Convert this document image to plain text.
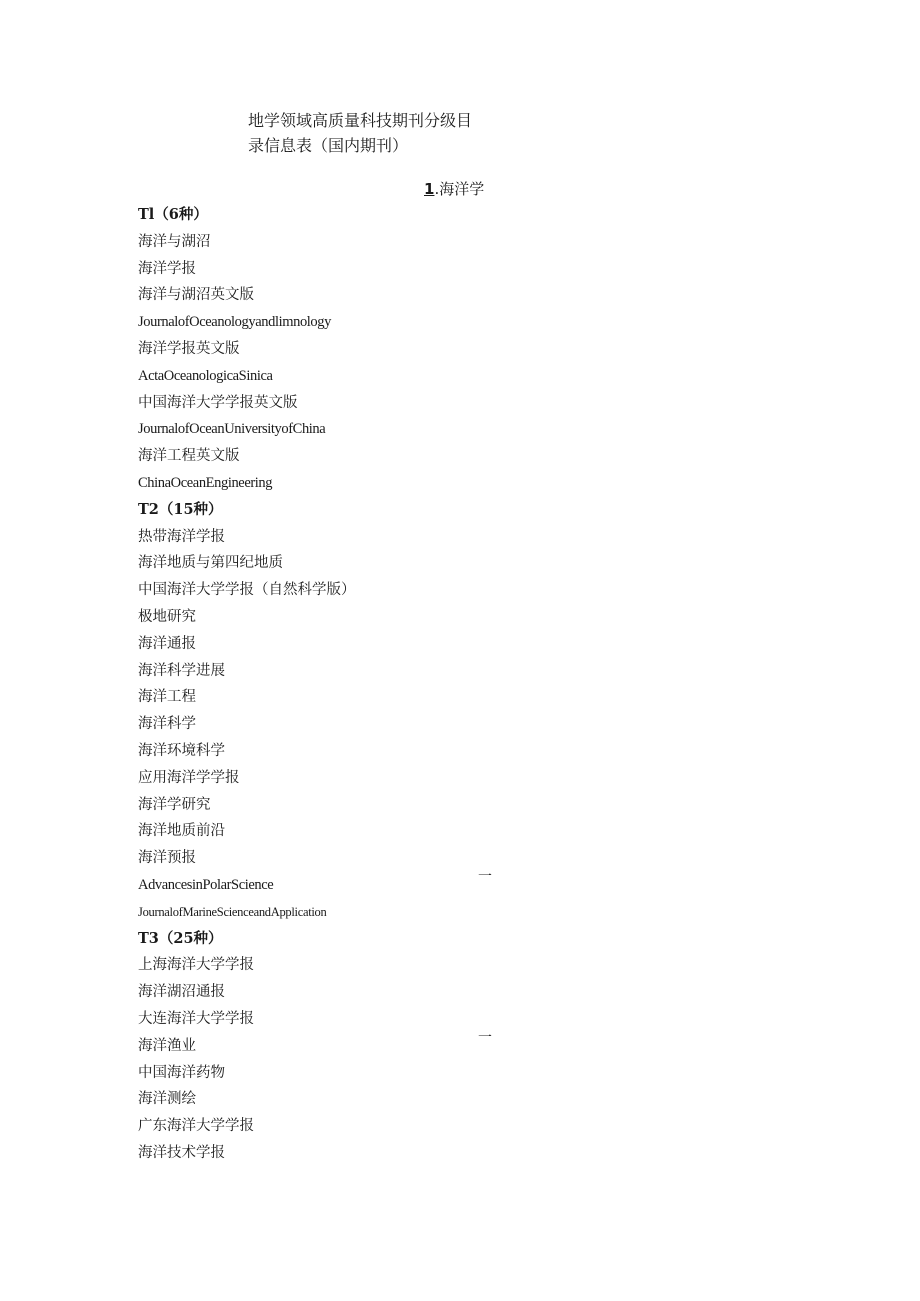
地学领域高质量科技期刊分级目
录信息表（国内期刊）
1.海洋学
Tl（6种）
海洋与湖沼
海洋学报
海洋与湖沼英文版
JournalofOceanologyandlimnology
海洋学报英文版
ActaOceanologicaSinica
中国海洋大学学报英文版
JournalofOceanUniversityofChina
海洋工程英文版
ChinaOceanEngineering
T2（15种）
热带海洋学报
海洋地质与第四纪地质
中国海洋大学学报（自然科学版）
极地研究
海洋通报
海洋科学进展
海洋工程
海洋科学
海洋环境科学
应用海洋学学报
海洋学研究
海洋地质前沿
海洋预报
AdvancesinPolarScience
JournalofMarineScienceandApplication
T3（25种）
上海海洋大学学报
海洋湖沼通报
大连海洋大学学报
海洋渔业
中国海洋药物
海洋测绘
广东海洋大学学报
海洋技术学报
一
一
